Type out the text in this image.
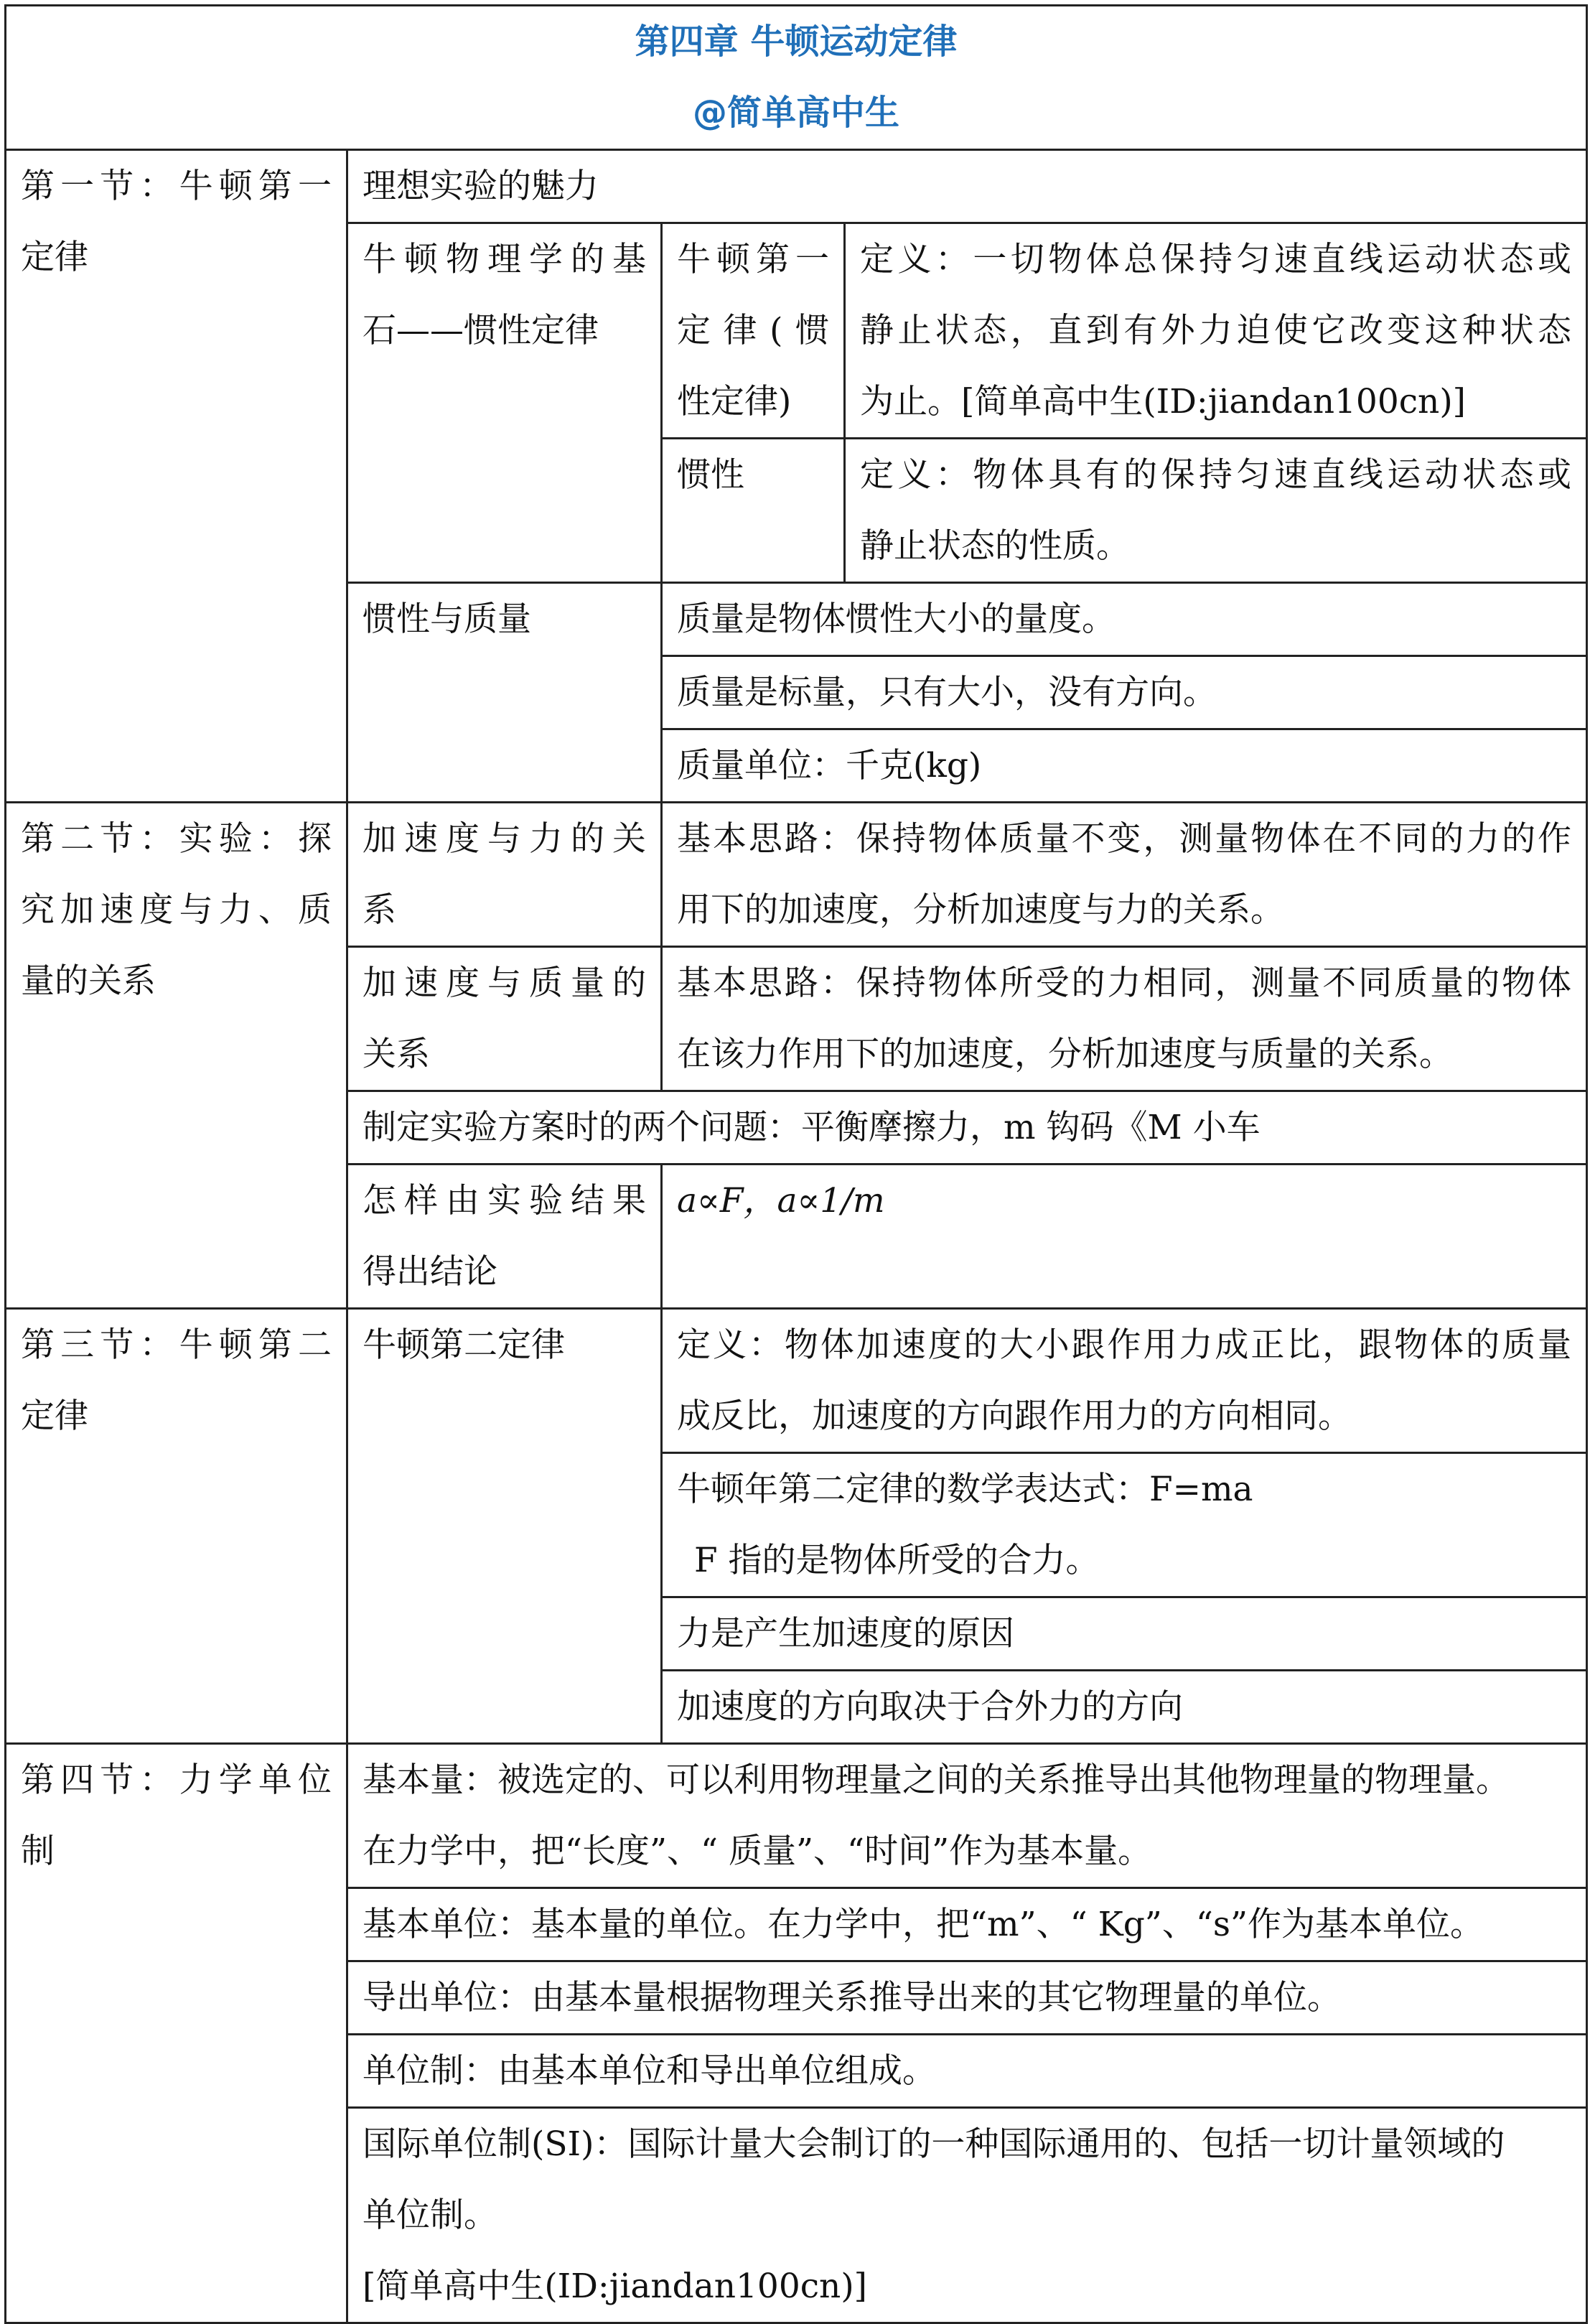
第四章 牛顿运动定律
@简单高中生			

第一节：牛顿第一
定律	理想实验的魅力		

	牛顿物理学的基
石——惯性定律	牛顿第一
定律(惯
性定律)	定义：一切物体总保持匀速直线运动状态或
静止状态，直到有外力迫使它改变这种状态
为止。[简单高中生(ID:jiandan100cn)]

		惯性	定义：物体具有的保持匀速直线运动状态或
静止状态的性质。

	惯性与质量	质量是物体惯性大小的量度。	
		质量是标量，只有大小，没有方向。	
		质量单位：千克(kg)	

第二节：实验：探
究加速度与力、质
量的关系	加速度与力的关
系	基本思路：保持物体质量不变，测量物体在不同的力的作
用下的加速度，分析加速度与力的关系。	

	加速度与质量的
关系	基本思路：保持物体所受的力相同，测量不同质量的物体
在该力作用下的加速度，分析加速度与质量的关系。	

	制定实验方案时的两个问题：平衡摩擦力，m 钩码《M 小车		

	怎样由实验结果
得出结论	a∝F，a∝1/m	

第三节：牛顿第二
定律	牛顿第二定律	定义：物体加速度的大小跟作用力成正比，跟物体的质量
成反比，加速度的方向跟作用力的方向相同。	

		牛顿年第二定律的数学表达式：F=ma
F 指的是物体所受的合力。	

		力是产生加速度的原因	
		加速度的方向取决于合外力的方向	

第四节：力学单位
制	基本量：被选定的、可以利用物理量之间的关系推导出其他物理量的物理量。
在力学中，把“长度”、“ 质量”、“时间”作为基本量。		

	基本单位：基本量的单位。在力学中，把“m”、“ Kg”、“s”作为基本单位。		
	导出单位：由基本量根据物理关系推导出来的其它物理量的单位。		
	单位制：由基本单位和导出单位组成。		

	国际单位制(SI)：国际计量大会制订的一种国际通用的、包括一切计量领域的
单位制。
[简单高中生(ID:jiandan100cn)]		
